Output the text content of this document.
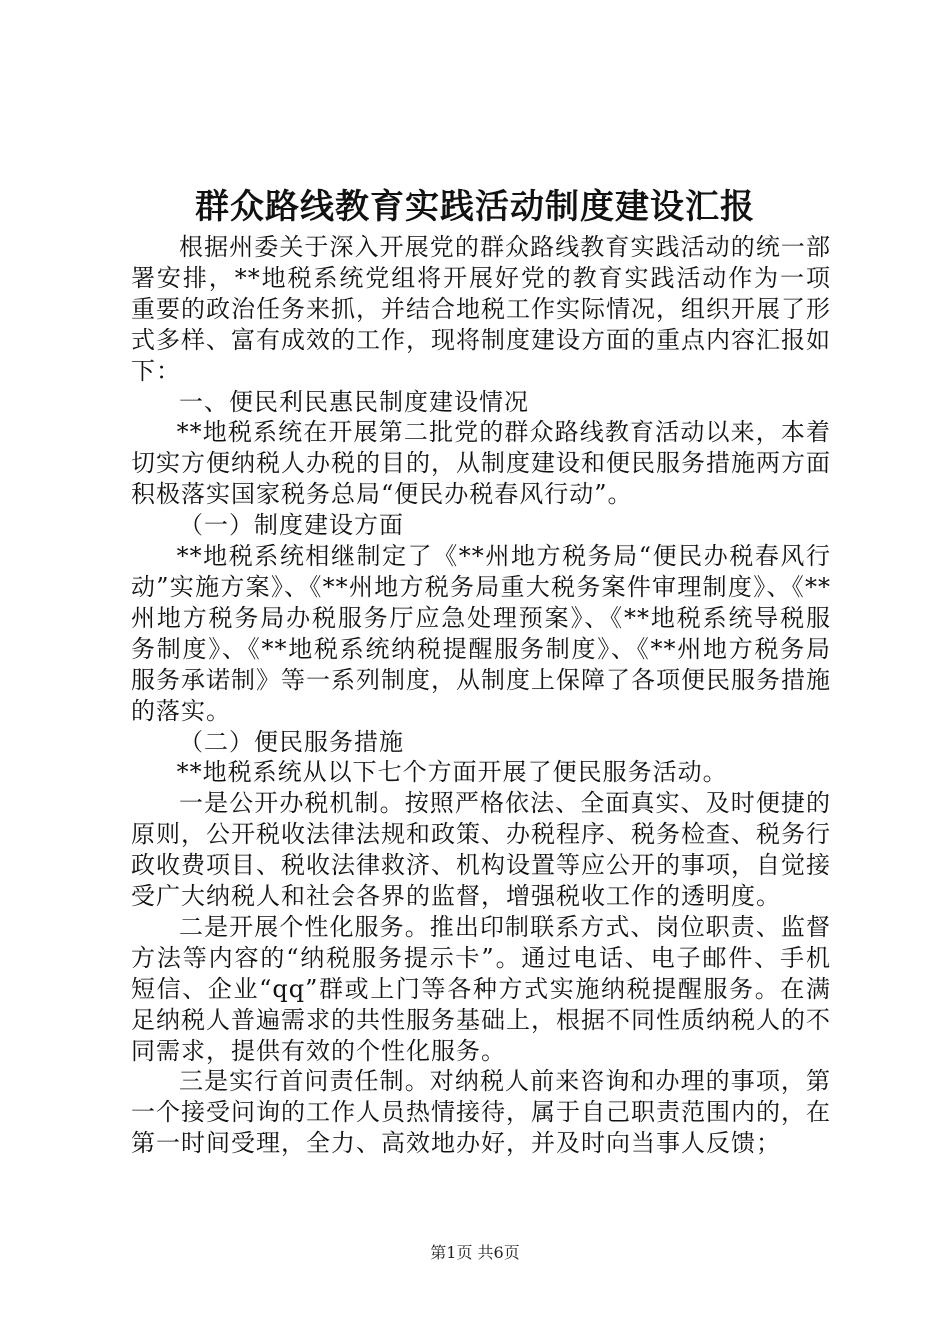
群众路线教育实践活动制度建设汇报

根据州委关于深入开展党的群众路线教育实践活动的统一部署安排，**地税系统党组将开展好党的教育实践活动作为一项重要的政治任务来抓，并结合地税工作实际情况，组织开展了形式多样、富有成效的工作，现将制度建设方面的重点内容汇报如下：

一、便民利民惠民制度建设情况

**地税系统在开展第二批党的群众路线教育活动以来，本着切实方便纳税人办税的目的，从制度建设和便民服务措施两方面积极落实国家税务总局“便民办税春风行动”。

（一）制度建设方面

**地税系统相继制定了《**州地方税务局“便民办税春风行动”实施方案》、《**州地方税务局重大税务案件审理制度》、《**州地方税务局办税服务厅应急处理预案》、《**地税系统导税服务制度》、《**地税系统纳税提醒服务制度》、《**州地方税务局服务承诺制》等一系列制度，从制度上保障了各项便民服务措施的落实。

（二）便民服务措施

**地税系统从以下七个方面开展了便民服务活动。

一是公开办税机制。按照严格依法、全面真实、及时便捷的原则，公开税收法律法规和政策、办税程序、税务检查、税务行政收费项目、税收法律救济、机构设置等应公开的事项，自觉接受广大纳税人和社会各界的监督，增强税收工作的透明度。

二是开展个性化服务。推出印制联系方式、岗位职责、监督方法等内容的“纳税服务提示卡”。通过电话、电子邮件、手机短信、企业“qq”群或上门等各种方式实施纳税提醒服务。在满足纳税人普遍需求的共性服务基础上，根据不同性质纳税人的不同需求，提供有效的个性化服务。

三是实行首问责任制。对纳税人前来咨询和办理的事项，第一个接受问询的工作人员热情接待，属于自己职责范围内的，在第一时间受理，全力、高效地办好，并及时向当事人反馈；

第1页 共6页
